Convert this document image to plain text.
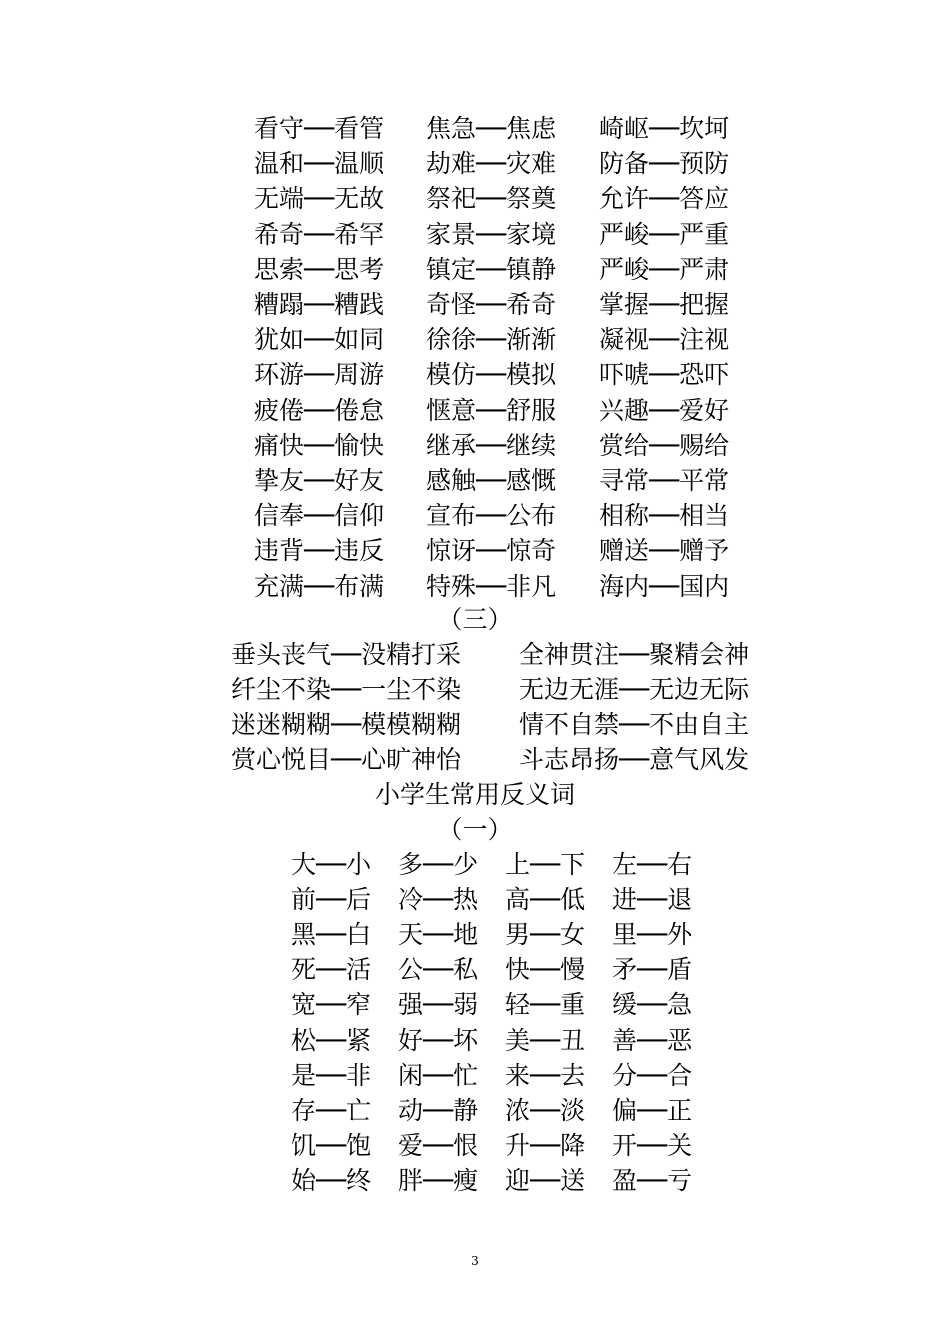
看守──看管 焦急──焦虑 崎岖──坎坷
温和──温顺 劫难──灾难 防备──预防
无端──无故 祭祀──祭奠 允许──答应
希奇──希罕 家景──家境 严峻──严重
思索──思考 镇定──镇静 严峻──严肃
糟蹋──糟践 奇怪──希奇 掌握──把握
犹如──如同 徐徐──渐渐 凝视──注视
环游──周游 模仿──模拟 吓唬──恐吓
疲倦──倦怠 惬意──舒服 兴趣──爱好
痛快──愉快 继承──继续 赏给──赐给
挚友──好友 感触──感慨 寻常──平常
信奉──信仰 宣布──公布 相称──相当
违背──违反 惊讶──惊奇 赠送──赠予
充满──布满 特殊──非凡 海内──国内
垂头丧气──没精打采 全神贯注──聚精会神
纤尘不染──一尘不染 无边无涯──无边无际
迷迷糊糊──模模糊糊 情不自禁──不由自主
赏心悦目──心旷神怡 斗志昂扬──意气风发
大──小 多──少 上──下 左──右
前──后 冷──热 高──低 进──退
黑──白 天──地 男──女 里──外
死──活 公──私 快──慢 矛──盾
宽──窄 强──弱 轻──重 缓──急
松──紧 好──坏 美──丑 善──恶
是──非 闲──忙 来──去 分──合
存──亡 动──静 浓──淡 偏──正
饥──饱 爱──恨 升──降 开──关
始──终 胖──瘦 迎──送 盈──亏
（三）
小学生常用反义词
（一）
3
